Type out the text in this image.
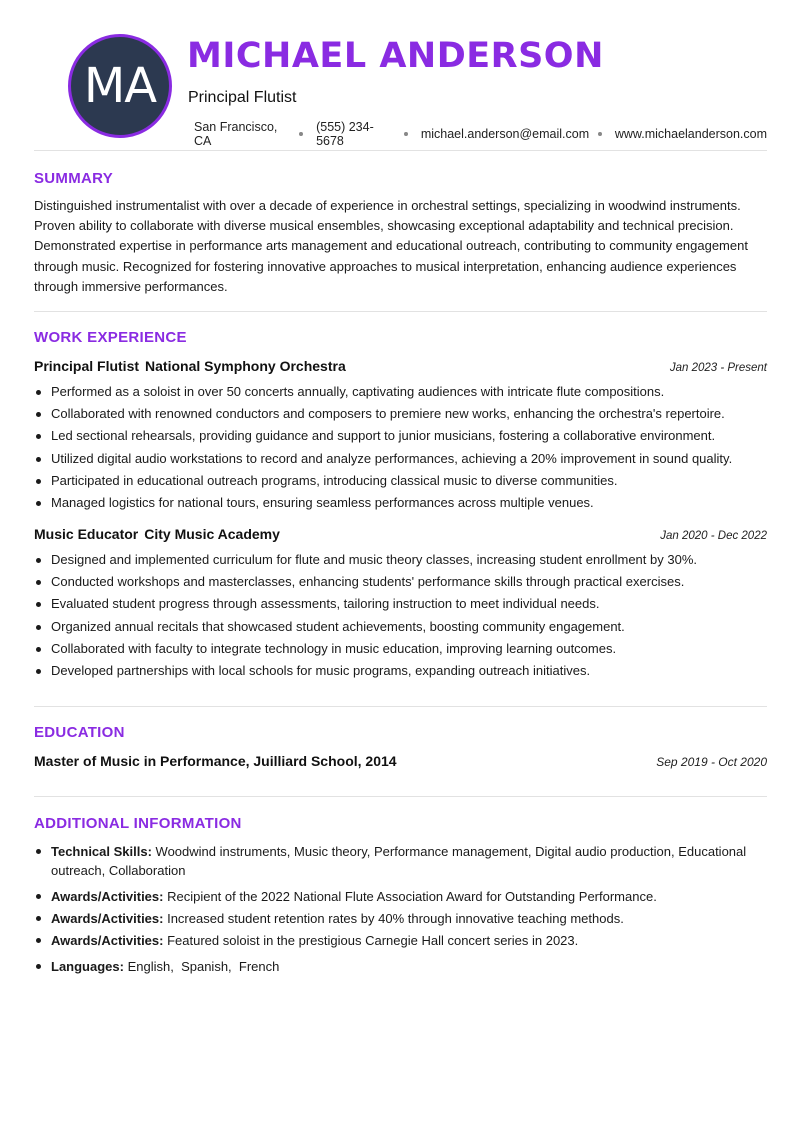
MA
MICHAEL ANDERSON
Principal Flutist
San Francisco, CA
(555) 234-5678	michael.anderson@email.com www.michaelanderson.com
SUMMARY
Distinguished instrumentalist with over a decade of experience in orchestral settings, specializing in woodwind instruments. Proven ability to collaborate with diverse musical ensembles, showcasing exceptional adaptability and technical precision. Demonstrated expertise in performance arts management and educational outreach, contributing to community engagement through music. Recognized for fostering innovative approaches to musical interpretation, enhancing audience experiences through immersive performances.
WORK EXPERIENCE
Principal Flutist National Symphony Orchestra	Jan 2023 - Present
Performed as a soloist in over 50 concerts annually, captivating audiences with intricate flute compositions.
Collaborated with renowned conductors and composers to premiere new works, enhancing the orchestra's repertoire.
Led sectional rehearsals, providing guidance and support to junior musicians, fostering a collaborative environment.
Utilized digital audio workstations to record and analyze performances, achieving a 20% improvement in sound quality.
Participated in educational outreach programs, introducing classical music to diverse communities.
Managed logistics for national tours, ensuring seamless performances across multiple venues.
Music Educator City Music Academy	Jan 2020 - Dec 2022
Designed and implemented curriculum for flute and music theory classes, increasing student enrollment by 30%.
Conducted workshops and masterclasses, enhancing students' performance skills through practical exercises.
Evaluated student progress through assessments, tailoring instruction to meet individual needs.
Organized annual recitals that showcased student achievements, boosting community engagement.
Collaborated with faculty to integrate technology in music education, improving learning outcomes.
Developed partnerships with local schools for music programs, expanding outreach initiatives.
EDUCATION
Master of Music in Performance, Juilliard School, 2014	Sep 2019 - Oct 2020
ADDITIONAL INFORMATION
Technical Skills: Woodwind instruments, Music theory, Performance management, Digital audio production, Educational outreach, Collaboration
Awards/Activities: Recipient of the 2022 National Flute Association Award for Outstanding Performance.
Awards/Activities: Increased student retention rates by 40% through innovative teaching methods.
Awards/Activities: Featured soloist in the prestigious Carnegie Hall concert series in 2023.
Languages: English,  Spanish,  French
